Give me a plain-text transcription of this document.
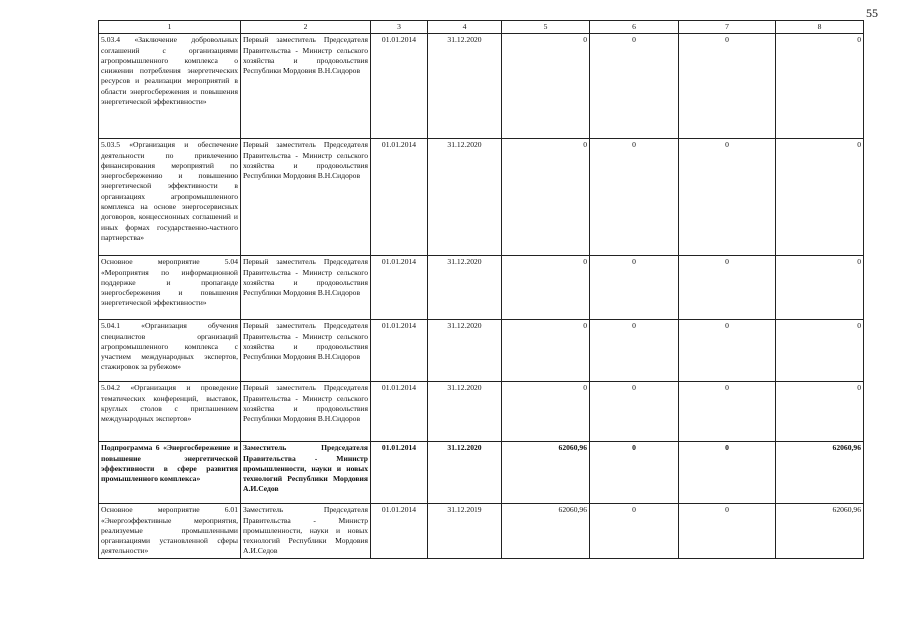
55
1	2	3	4	5	6	7	8
5.03.4 «Заключение добровольных соглашений с организациями агропромышленного комплекса о снижении потребления энергетических ресурсов и реализации мероприятий в области энергосбережения и повышения энергетической эффективности»	Первый заместитель Председателя Правительства - Министр сельского хозяйства и продовольствия Республики Мордовия В.Н.Сидоров	01.01.2014	31.12.2020	0	0	0	0
5.03.5 «Организация и обеспечение деятельности по привлечению финансирования мероприятий по энергосбережению и повышению энергетической эффективности в организациях агропромышленного комплекса на основе энергосервисных договоров, концессионных соглашений и иных формах государственно-частного партнерства»	Первый заместитель Председателя Правительства - Министр сельского хозяйства и продовольствия Республики Мордовия В.Н.Сидоров	01.01.2014	31.12.2020	0	0	0	0
Основное мероприятие 5.04 «Мероприятия по информационной поддержке и пропаганде энергосбережения и повышения энергетической эффективности»	Первый заместитель Председателя Правительства - Министр сельского хозяйства и продовольствия Республики Мордовия В.Н.Сидоров	01.01.2014	31.12.2020	0	0	0	0
5.04.1 «Организация обучения специалистов организаций агропромышленного комплекса с участием международных экспертов, стажировок за рубежом»	Первый заместитель Председателя Правительства - Министр сельского хозяйства и продовольствия Республики Мордовия В.Н.Сидоров	01.01.2014	31.12.2020	0	0	0	0
5.04.2 «Организация и проведение тематических конференций, выставок, круглых столов с приглашением международных экспертов»	Первый заместитель Председателя Правительства - Министр сельского хозяйства и продовольствия Республики Мордовия В.Н.Сидоров	01.01.2014	31.12.2020	0	0	0	0
Подпрограмма 6 «Энергосбережение и повышение энергетической эффективности в сфере развития промышленного комплекса»	Заместитель Председателя Правительства - Министр промышленности, науки и новых технологий Республики Мордовия А.И.Седов	01.01.2014	31.12.2020	62060,96	0	0	62060,96
Основное мероприятие 6.01 «Энергоэффективные мероприятия, реализуемые промышленными организациями установленной сферы деятельности»	Заместитель Председателя Правительства - Министр промышленности, науки и новых технологий Республики Мордовия А.И.Седов	01.01.2014	31.12.2019	62060,96	0	0	62060,96
